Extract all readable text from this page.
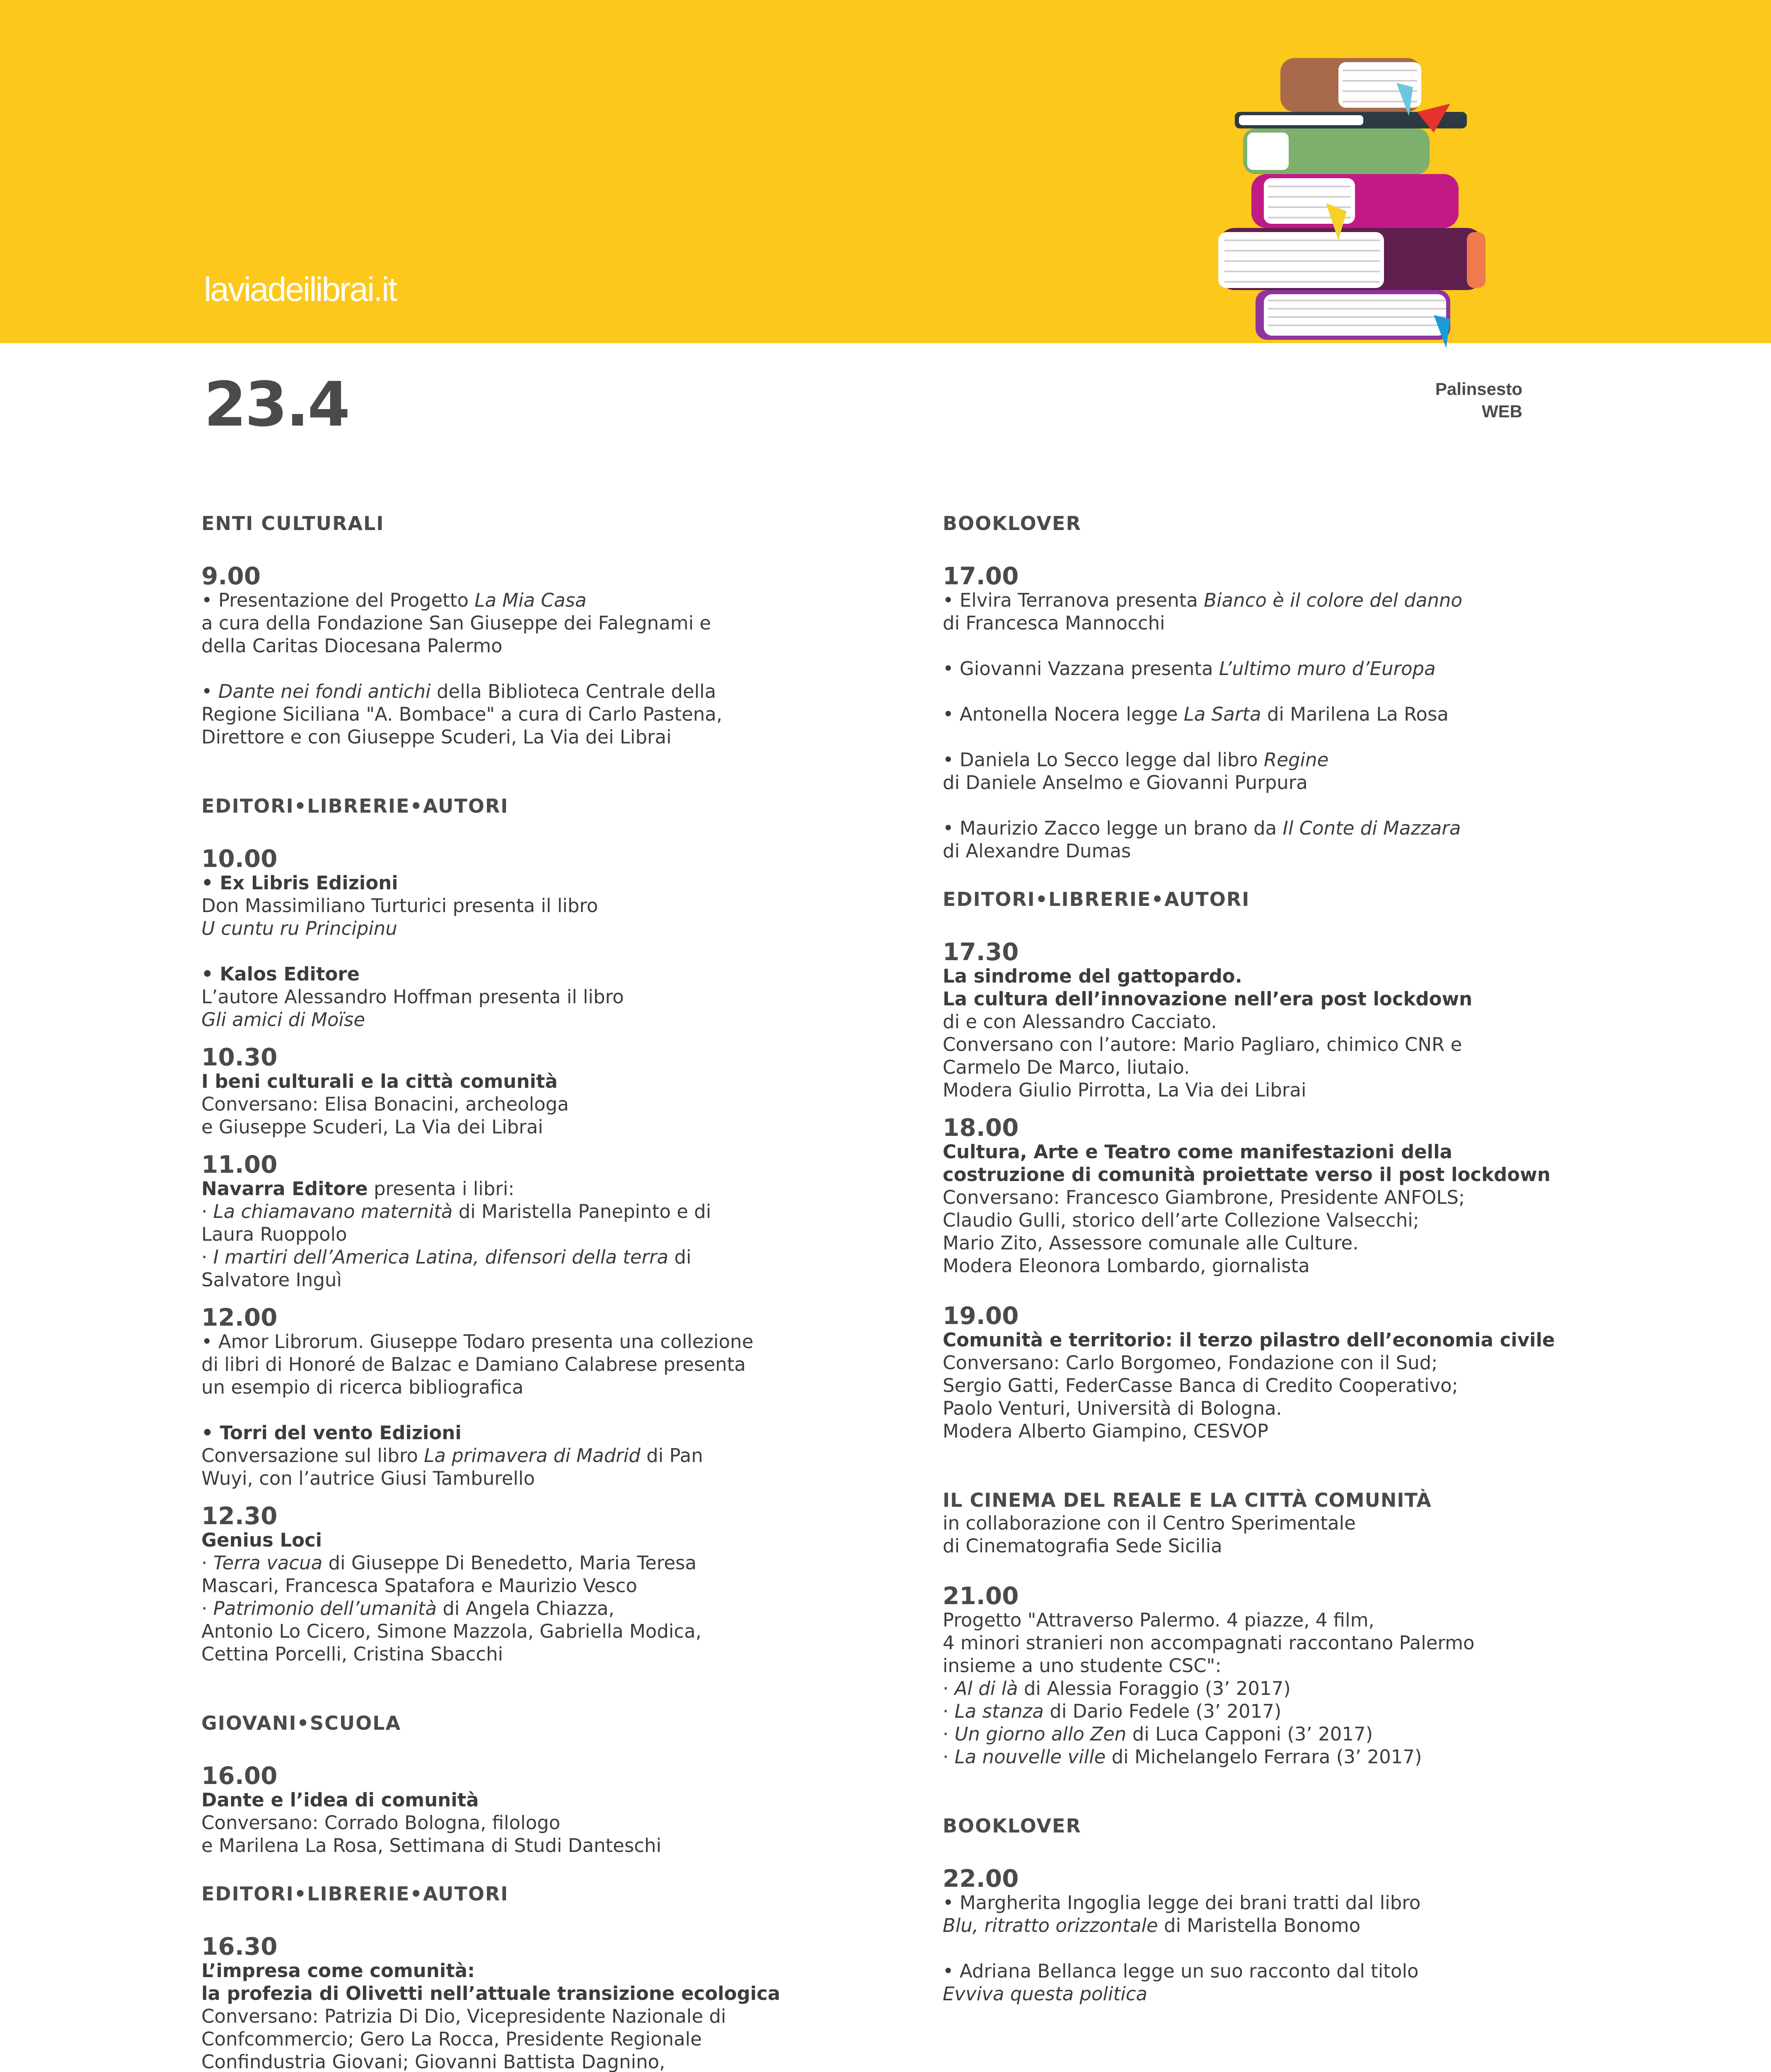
laviadeilibrai.it
23.4	Palinsesto
WEB
ENTI CULTURALI
9.00

• Presentazione del Progetto La Mia Casa

a cura della Fondazione San Giuseppe dei Falegnami e

della Caritas Diocesana Palermo

• Dante nei fondi antichi della Biblioteca Centrale della

Regione Siciliana "A. Bombace" a cura di Carlo Pastena,

Direttore e con Giuseppe Scuderi, La Via dei Librai

EDITORI•LIBRERIE•AUTORI
10.00

• Ex Libris Edizioni

Don Massimiliano Turturici presenta il libro

U cuntu ru Principinu

• Kalos Editore

L’autore Alessandro Hoffman presenta il libro

Gli amici di Moïse

10.30

I beni culturali e la città comunità

Conversano: Elisa Bonacini, archeologa

e Giuseppe Scuderi, La Via dei Librai

11.00

Navarra Editore presenta i libri:

· La chiamavano maternità di Maristella Panepinto e di

Laura Ruoppolo

· I martiri dell’America Latina, difensori della terra di

Salvatore Inguì

12.00

• Amor Librorum. Giuseppe Todaro presenta una collezione

di libri di Honoré de Balzac e Damiano Calabrese presenta

un esempio di ricerca bibliografica

• Torri del vento Edizioni

Conversazione sul libro La primavera di Madrid di Pan

Wuyi, con l’autrice Giusi Tamburello

12.30

Genius Loci

· Terra vacua di Giuseppe Di Benedetto, Maria Teresa

Mascari, Francesca Spatafora e Maurizio Vesco

· Patrimonio dell’umanità di Angela Chiazza,

Antonio Lo Cicero, Simone Mazzola, Gabriella Modica,

Cettina Porcelli, Cristina Sbacchi

GIOVANI•SCUOLA
16.00

Dante e l’idea di comunità

Conversano: Corrado Bologna, filologo

e Marilena La Rosa, Settimana di Studi Danteschi

EDITORI•LIBRERIE•AUTORI
16.30

L’impresa come comunità:

la profezia di Olivetti nell’attuale transizione ecologica

Conversano: Patrizia Di Dio, Vicepresidente Nazionale di

Confcommercio; Gero La Rocca, Presidente Regionale

Confindustria Giovani; Giovanni Battista Dagnino,

BOOKLOVER
17.00

• Elvira Terranova presenta Bianco è il colore del danno

di Francesca Mannocchi

• Giovanni Vazzana presenta L’ultimo muro d’Europa

• Antonella Nocera legge La Sarta di Marilena La Rosa

• Daniela Lo Secco legge dal libro Regine

di Daniele Anselmo e Giovanni Purpura

• Maurizio Zacco legge un brano da Il Conte di Mazzara

di Alexandre Dumas

EDITORI•LIBRERIE•AUTORI
17.30

La sindrome del gattopardo.

La cultura dell’innovazione nell’era post lockdown

di e con Alessandro Cacciato.

Conversano con l’autore: Mario Pagliaro, chimico CNR e

Carmelo De Marco, liutaio.

Modera Giulio Pirrotta, La Via dei Librai

18.00

Cultura, Arte e Teatro come manifestazioni della

costruzione di comunità proiettate verso il post lockdown

Conversano: Francesco Giambrone, Presidente ANFOLS;

Claudio Gulli, storico dell’arte Collezione Valsecchi;

Mario Zito, Assessore comunale alle Culture.

Modera Eleonora Lombardo, giornalista

19.00

Comunità e territorio: il terzo pilastro dell’economia civile

Conversano: Carlo Borgomeo, Fondazione con il Sud;

Sergio Gatti, FederCasse Banca di Credito Cooperativo;

Paolo Venturi, Università di Bologna.

Modera Alberto Giampino, CESVOP

IL CINEMA DEL REALE E LA CITTÀ COMUNITÀ

in collaborazione con il Centro Sperimentale

di Cinematografia Sede Sicilia

21.00

Progetto "Attraverso Palermo. 4 piazze, 4 film,

4 minori stranieri non accompagnati raccontano Palermo

insieme a uno studente CSC":

· Al di là di Alessia Foraggio (3’ 2017)

· La stanza di Dario Fedele (3’ 2017)

· Un giorno allo Zen di Luca Capponi (3’ 2017)

· La nouvelle ville di Michelangelo Ferrara (3’ 2017)

BOOKLOVER
22.00

• Margherita Ingoglia legge dei brani tratti dal libro

Blu, ritratto orizzontale di Maristella Bonomo

• Adriana Bellanca legge un suo racconto dal titolo

Evviva questa politica
